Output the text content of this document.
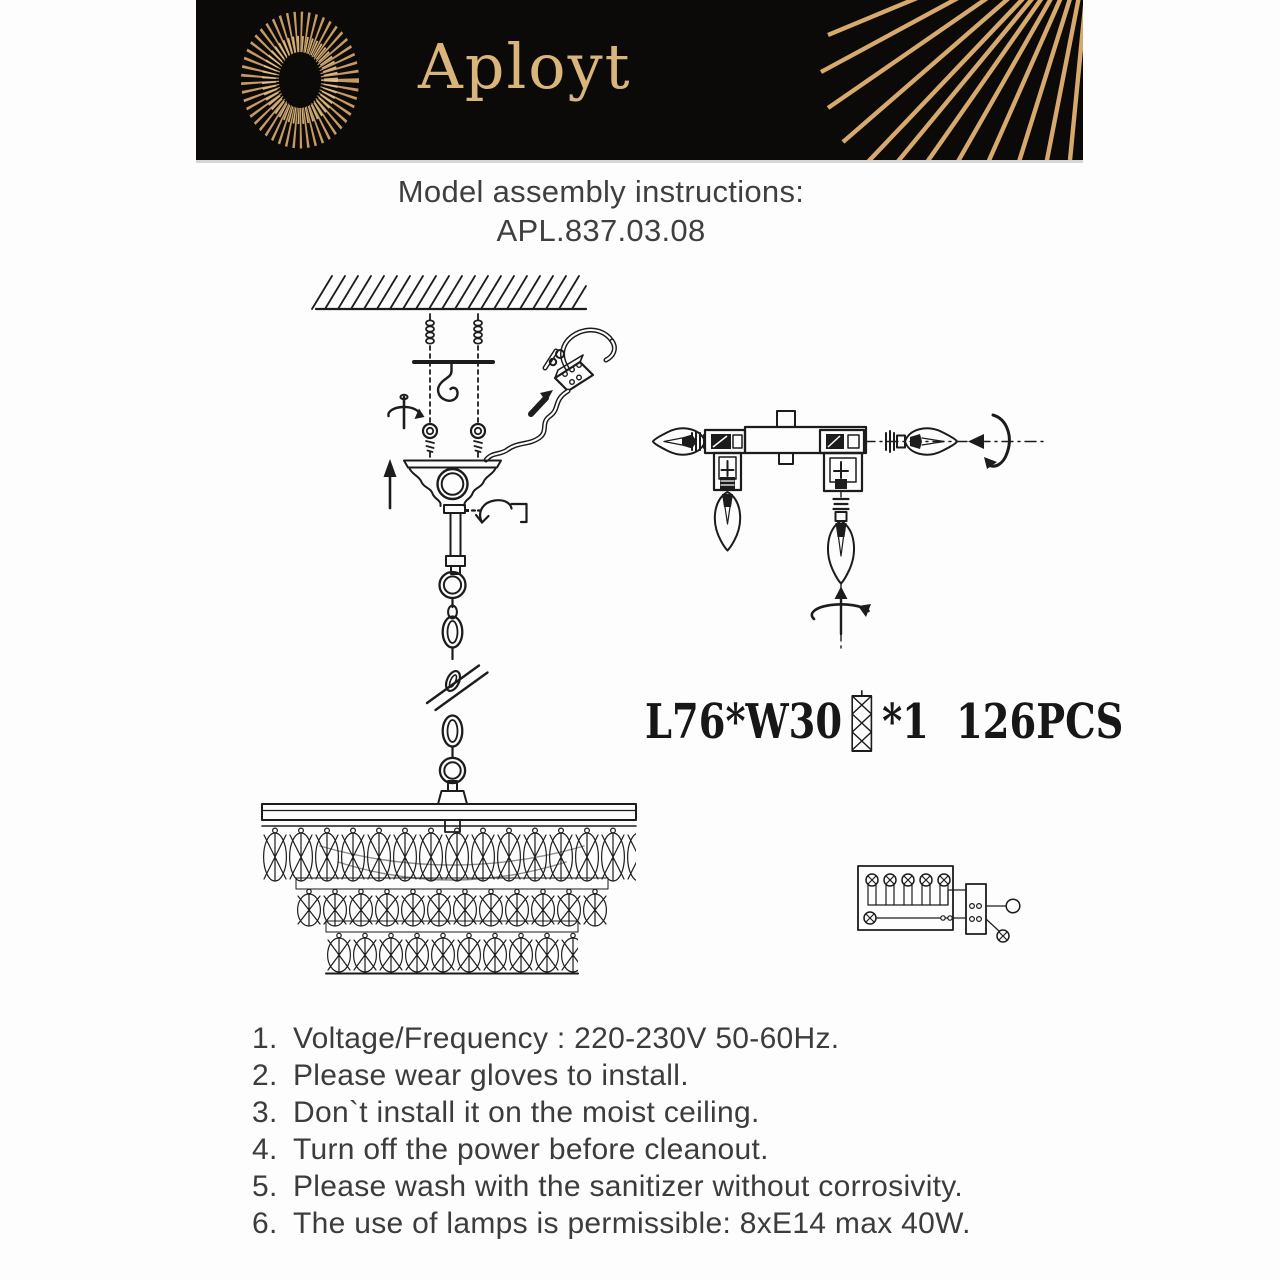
Aployt
Model assembly instructions:
APL.837.03.08
L76*W30 *1 126PCS
1. Voltage/Frequency : 220-230V 50-60Hz.
2. Please wear gloves to install.
3. Don`t install it on the moist ceiling.
4. Turn off the power before cleanout.
5. Please wash with the sanitizer without corrosivity.
6. The use of lamps is permissible: 8xE14 max 40W.
